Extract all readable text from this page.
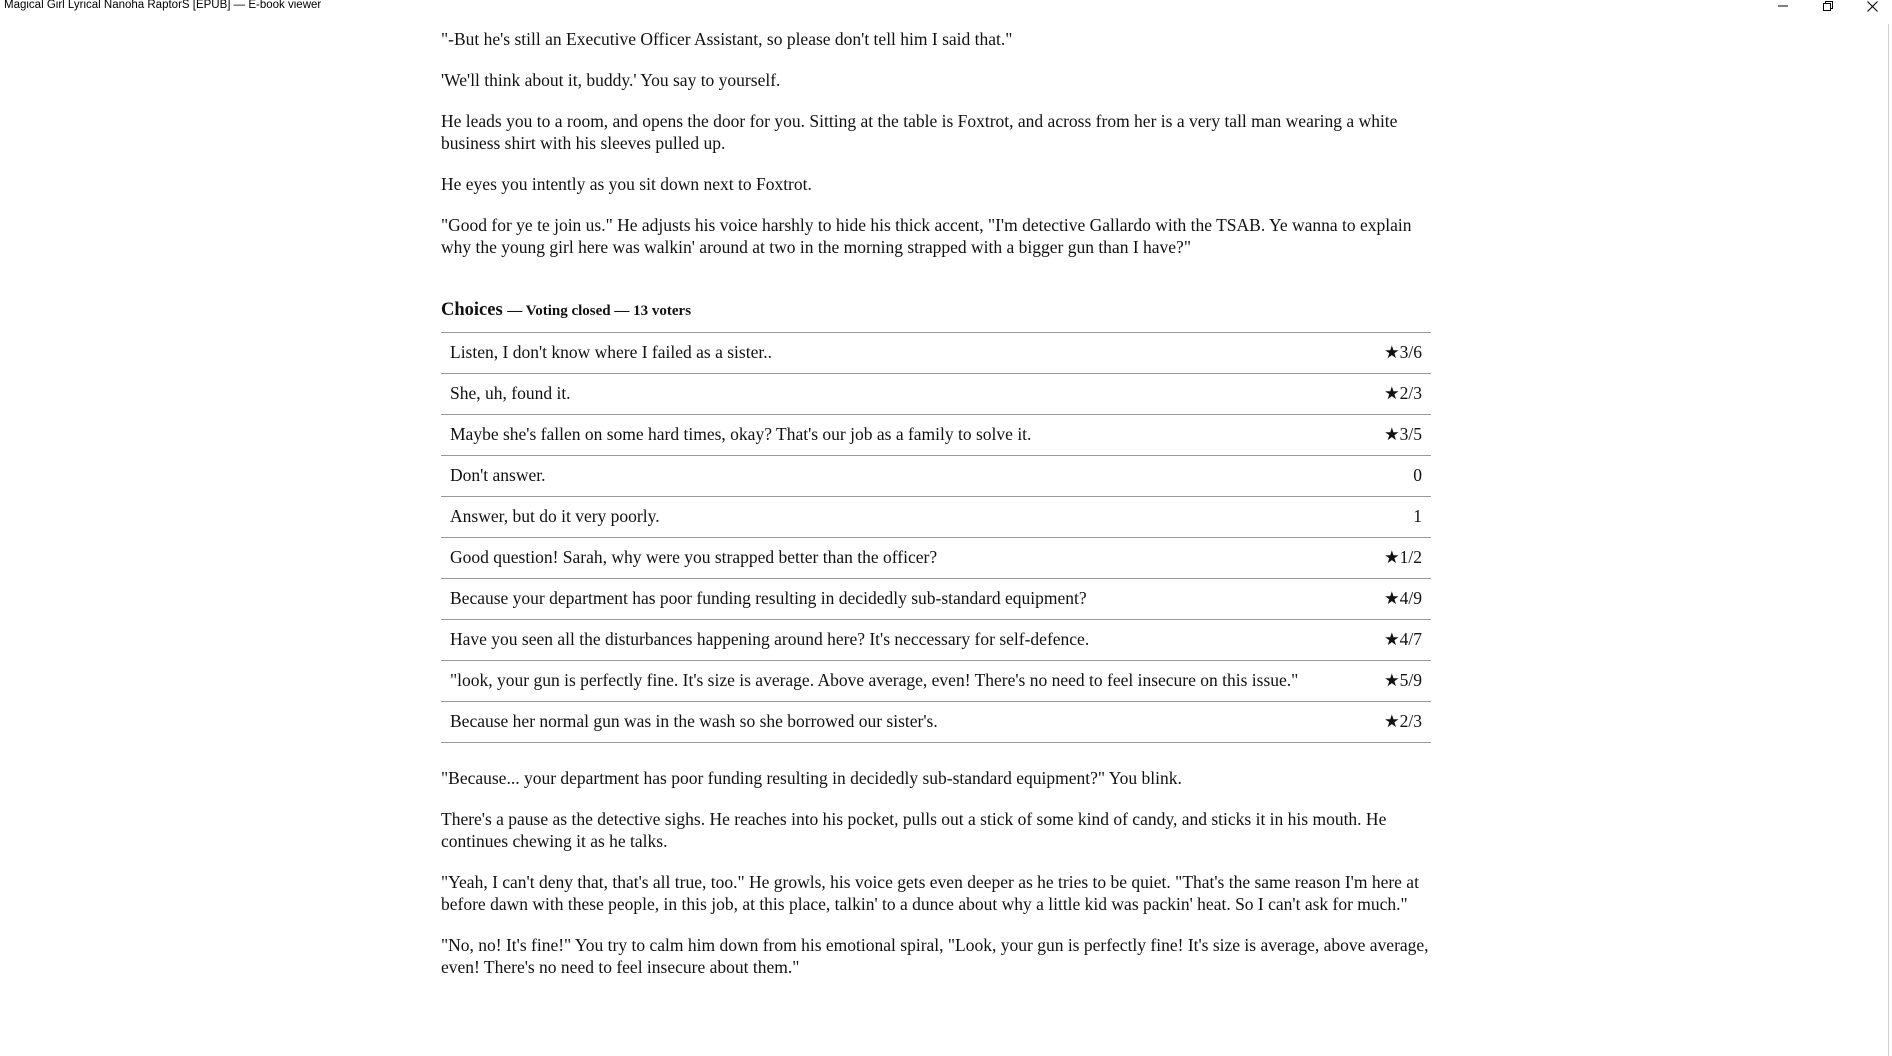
Magical Girl Lyrical Nanoha RaptorS [EPUB] — E-book viewer

"-But he's still an Executive Officer Assistant, so please don't tell him I said that."

'We'll think about it, buddy.' You say to yourself.

He leads you to a room, and opens the door for you. Sitting at the table is Foxtrot, and across from her is a very tall man wearing a white business shirt with his sleeves pulled up.

He eyes you intently as you sit down next to Foxtrot.

"Good for ye te join us." He adjusts his voice harshly to hide his thick accent, "I'm detective Gallardo with the TSAB. Ye wanna to explain why the young girl here was walkin' around at two in the morning strapped with a bigger gun than I have?"

Choices — Voting closed — 13 voters
Listen, I don't know where I failed as a sister..	★3/6
She, uh, found it.	★2/3
Maybe she's fallen on some hard times, okay? That's our job as a family to solve it.	★3/5
Don't answer.	0
Answer, but do it very poorly.	1
Good question! Sarah, why were you strapped better than the officer?	★1/2
Because your department has poor funding resulting in decidedly sub-standard equipment?	★4/9
Have you seen all the disturbances happening around here? It's neccessary for self-defence.	★4/7
"look, your gun is perfectly fine. It's size is average. Above average, even! There's no need to feel insecure on this issue."	★5/9
Because her normal gun was in the wash so she borrowed our sister's.	★2/3

"Because... your department has poor funding resulting in decidedly sub-standard equipment?" You blink.

There's a pause as the detective sighs. He reaches into his pocket, pulls out a stick of some kind of candy, and sticks it in his mouth. He continues chewing it as he talks.

"Yeah, I can't deny that, that's all true, too." He growls, his voice gets even deeper as he tries to be quiet. "That's the same reason I'm here at before dawn with these people, in this job, at this place, talkin' to a dunce about why a little kid was packin' heat. So I can't ask for much."

"No, no! It's fine!" You try to calm him down from his emotional spiral, "Look, your gun is perfectly fine! It's size is average, above average, even! There's no need to feel insecure about them."
